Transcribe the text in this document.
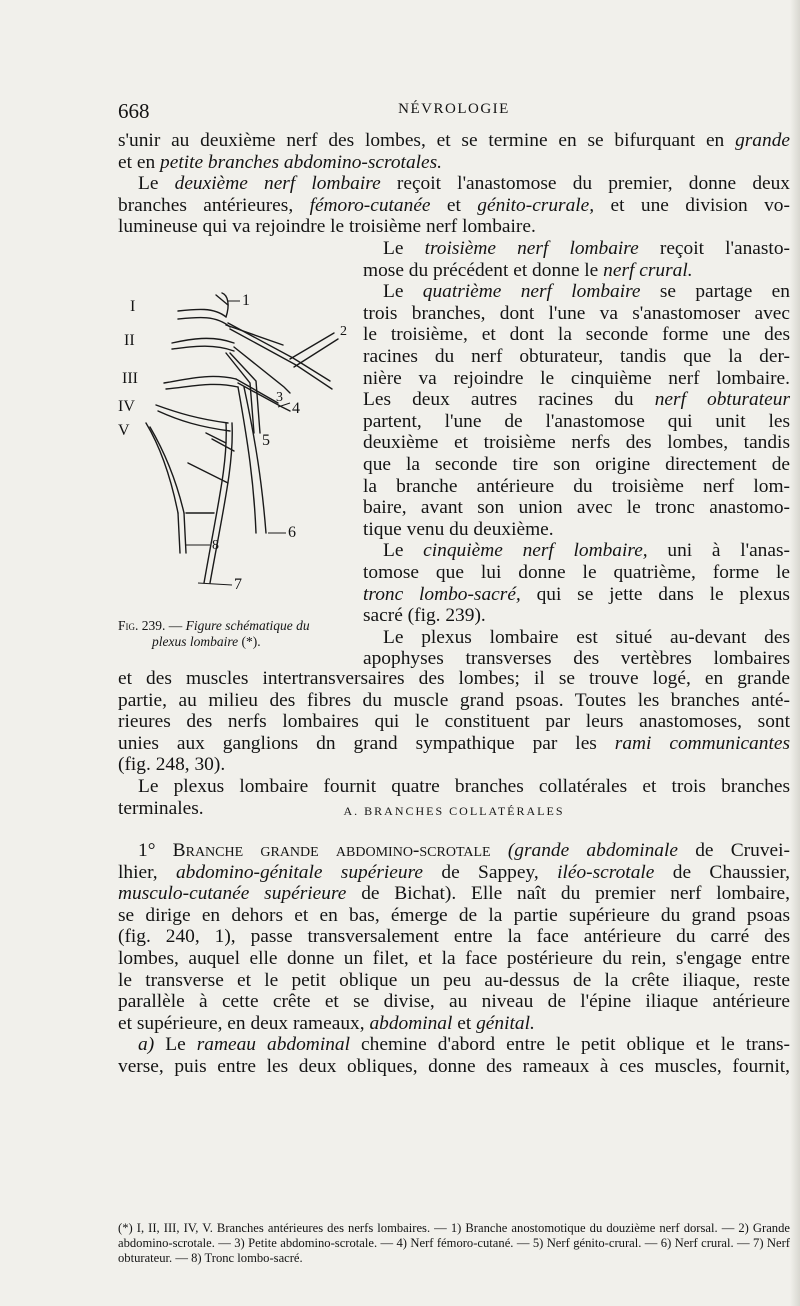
668	NÉVROLOGIE
s'unir au deuxième nerf des lombes, et se termine en se bifurquant en grande
et en petite branches abdomino-scrotales.
Le deuxième nerf lombaire reçoit l'anastomose du premier, donne deux
branches antérieures, fémoro-cutanée et génito-crurale, et une division vo-
lumineuse qui va rejoindre le troisième nerf lombaire.
Le troisième nerf lombaire reçoit l'anasto-
mose du précédent et donne le nerf crural.
Le quatrième nerf lombaire se partage en
trois branches, dont l'une va s'anastomoser avec
le troisième, et dont la seconde forme une des
racines du nerf obturateur, tandis que la der-
nière va rejoindre le cinquième nerf lombaire.
Les deux autres racines du nerf obturateur
partent, l'une de l'anastomose qui unit les
deuxième et troisième nerfs des lombes, tandis
que la seconde tire son origine directement de
la branche antérieure du troisième nerf lom-
baire, avant son union avec le tronc anastomo-
tique venu du deuxième.
Le cinquième nerf lombaire, uni à l'anas-
tomose que lui donne le quatrième, forme le
tronc lombo-sacré, qui se jette dans le plexus
sacré (fig. 239).
Le plexus lombaire est situé au-devant des
apophyses transverses des vertèbres lombaires
et des muscles intertransversaires des lombes; il se trouve logé, en grande
partie, au milieu des fibres du muscle grand psoas. Toutes les branches anté-
rieures des nerfs lombaires qui le constituent par leurs anastomoses, sont
unies aux ganglions dn grand sympathique par les rami communicantes
(fig. 248, 30).
Le plexus lombaire fournit quatre branches collatérales et trois branches
terminales.	A. BRANCHES COLLATÉRALES
1° Branche grande abdomino-scrotale (grande abdominale de Cruvei-
lhier, abdomino-génitale supérieure de Sappey, iléo-scrotale de Chaussier,
musculo-cutanée supérieure de Bichat). Elle naît du premier nerf lombaire,
se dirige en dehors et en bas, émerge de la partie supérieure du grand psoas
(fig. 240, 1), passe transversalement entre la face antérieure du carré des
lombes, auquel elle donne un filet, et la face postérieure du rein, s'engage entre
le transverse et le petit oblique un peu au-dessus de la crête iliaque, reste
parallèle à cette crête et se divise, au niveau de l'épine iliaque antérieure
et supérieure, en deux rameaux, abdominal et génital.
a) Le rameau abdominal chemine d'abord entre le petit oblique et le trans-
verse, puis entre les deux obliques, donne des rameaux à ces muscles, fournit,
I
II
III
IV
V
1
2
3
4
5
6
8
7
Fig. 239. — Figure schématique du
plexus lombaire (*).
(*) I, II, III, IV, V. Branches antérieures des nerfs lombaires. — 1) Branche anostomotique du douzième nerf dorsal. — 2) Grande abdomino-scrotale. — 3) Petite abdomino-scrotale. — 4) Nerf fémoro-cutané. — 5) Nerf génito-crural. — 6) Nerf crural. — 7) Nerf obturateur. — 8) Tronc lombo-sacré.
